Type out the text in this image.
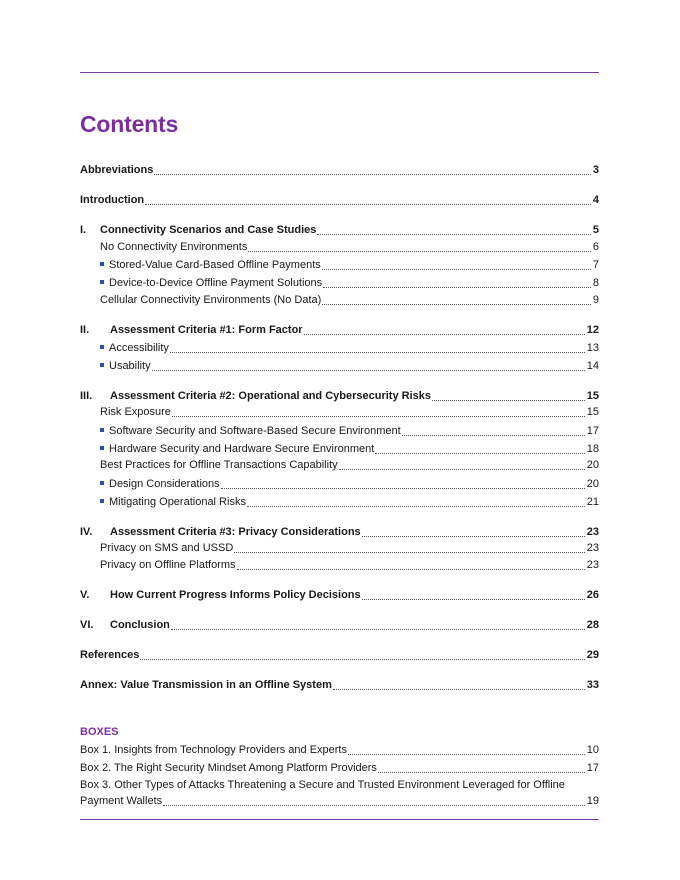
Contents
Abbreviations	3
Introduction	4
I.	Connectivity Scenarios and Case Studies	5
No Connectivity Environments	6
Stored-Value Card-Based Offline Payments	7
Device-to-Device Offline Payment Solutions	8
Cellular Connectivity Environments (No Data)	9
II.	Assessment Criteria #1: Form Factor	12
Accessibility	13
Usability	14
III.	Assessment Criteria #2: Operational and Cybersecurity Risks	15
Risk Exposure	15
Software Security and Software-Based Secure Environment	17
Hardware Security and Hardware Secure Environment	18
Best Practices for Offline Transactions Capability	20
Design Considerations	20
Mitigating Operational Risks	21
IV.	Assessment Criteria #3: Privacy Considerations	23
Privacy on SMS and USSD	23
Privacy on Offline Platforms	23
V.	How Current Progress Informs Policy Decisions	26
VI.	Conclusion	28
References	29
Annex: Value Transmission in an Offline System	33
BOXES
Box 1. Insights from Technology Providers and Experts	10
Box 2. The Right Security Mindset Among Platform Providers	17
Box 3. Other Types of Attacks Threatening a Secure and Trusted Environment Leveraged for Offline
Payment Wallets	19
